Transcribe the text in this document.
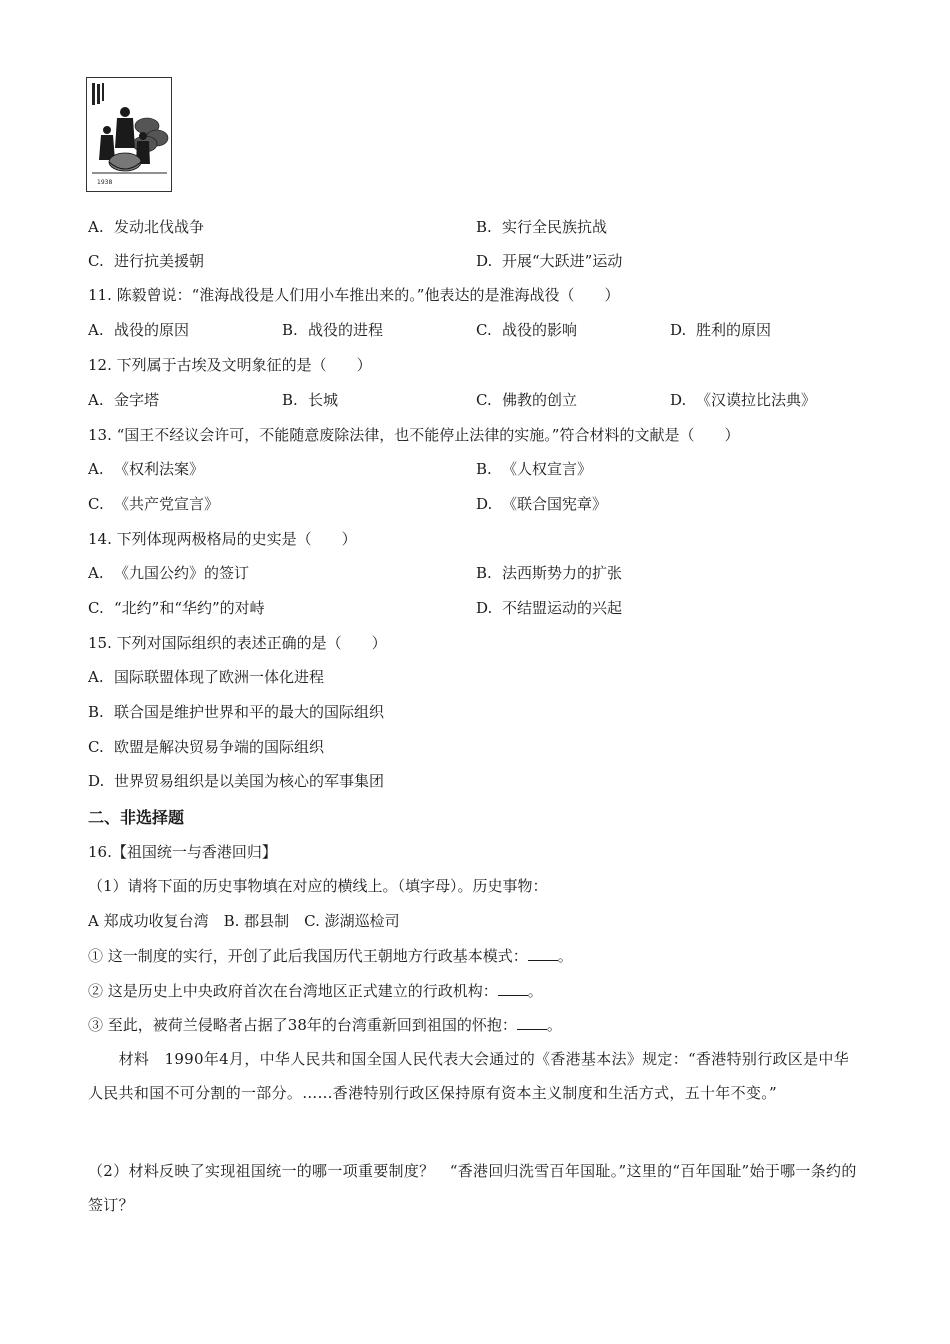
1938
A. 发动北伐战争	B. 实行全民族抗战
C. 进行抗美援朝	D. 开展“大跃进”运动
11. 陈毅曾说：“淮海战役是人们用小车推出来的。”他表达的是淮海战役（　　）
A. 战役的原因	B. 战役的进程	C. 战役的影响	D. 胜利的原因
12. 下列属于古埃及文明象征的是（　　）
A. 金字塔	B. 长城	C. 佛教的创立	D. 《汉谟拉比法典》
13. “国王不经议会许可，不能随意废除法律，也不能停止法律的实施。”符合材料的文献是（　　）
A. 《权利法案》	B. 《人权宣言》
C. 《共产党宣言》	D. 《联合国宪章》
14. 下列体现两极格局的史实是（　　）
A. 《九国公约》的签订	B. 法西斯势力的扩张
C. “北约”和“华约”的对峙	D. 不结盟运动的兴起
15. 下列对国际组织的表述正确的是（　　）
A. 国际联盟体现了欧洲一体化进程
B. 联合国是维护世界和平的最大的国际组织
C. 欧盟是解决贸易争端的国际组织
D. 世界贸易组织是以美国为核心的军事集团
二、非选择题
16.【祖国统一与香港回归】
（1）请将下面的历史事物填在对应的横线上。（填字母）。历史事物：
A 郑成功收复台湾　B. 郡县制　C. 澎湖巡检司
① 这一制度的实行，开创了此后我国历代王朝地方行政基本模式： 。
② 这是历史上中央政府首次在台湾地区正式建立的行政机构： 。
③ 至此，被荷兰侵略者占据了38年的台湾重新回到祖国的怀抱： 。
　　材料　1990年4月，中华人民共和国全国人民代表大会通过的《香港基本法》规定：“香港特别行政区是中华人民共和国不可分割的一部分。……香港特别行政区保持原有资本主义制度和生活方式，五十年不变。”
（2）材料反映了实现祖国统一的哪一项重要制度？　“香港回归洗雪百年国耻。”这里的“百年国耻”始于哪一条约的签订？
